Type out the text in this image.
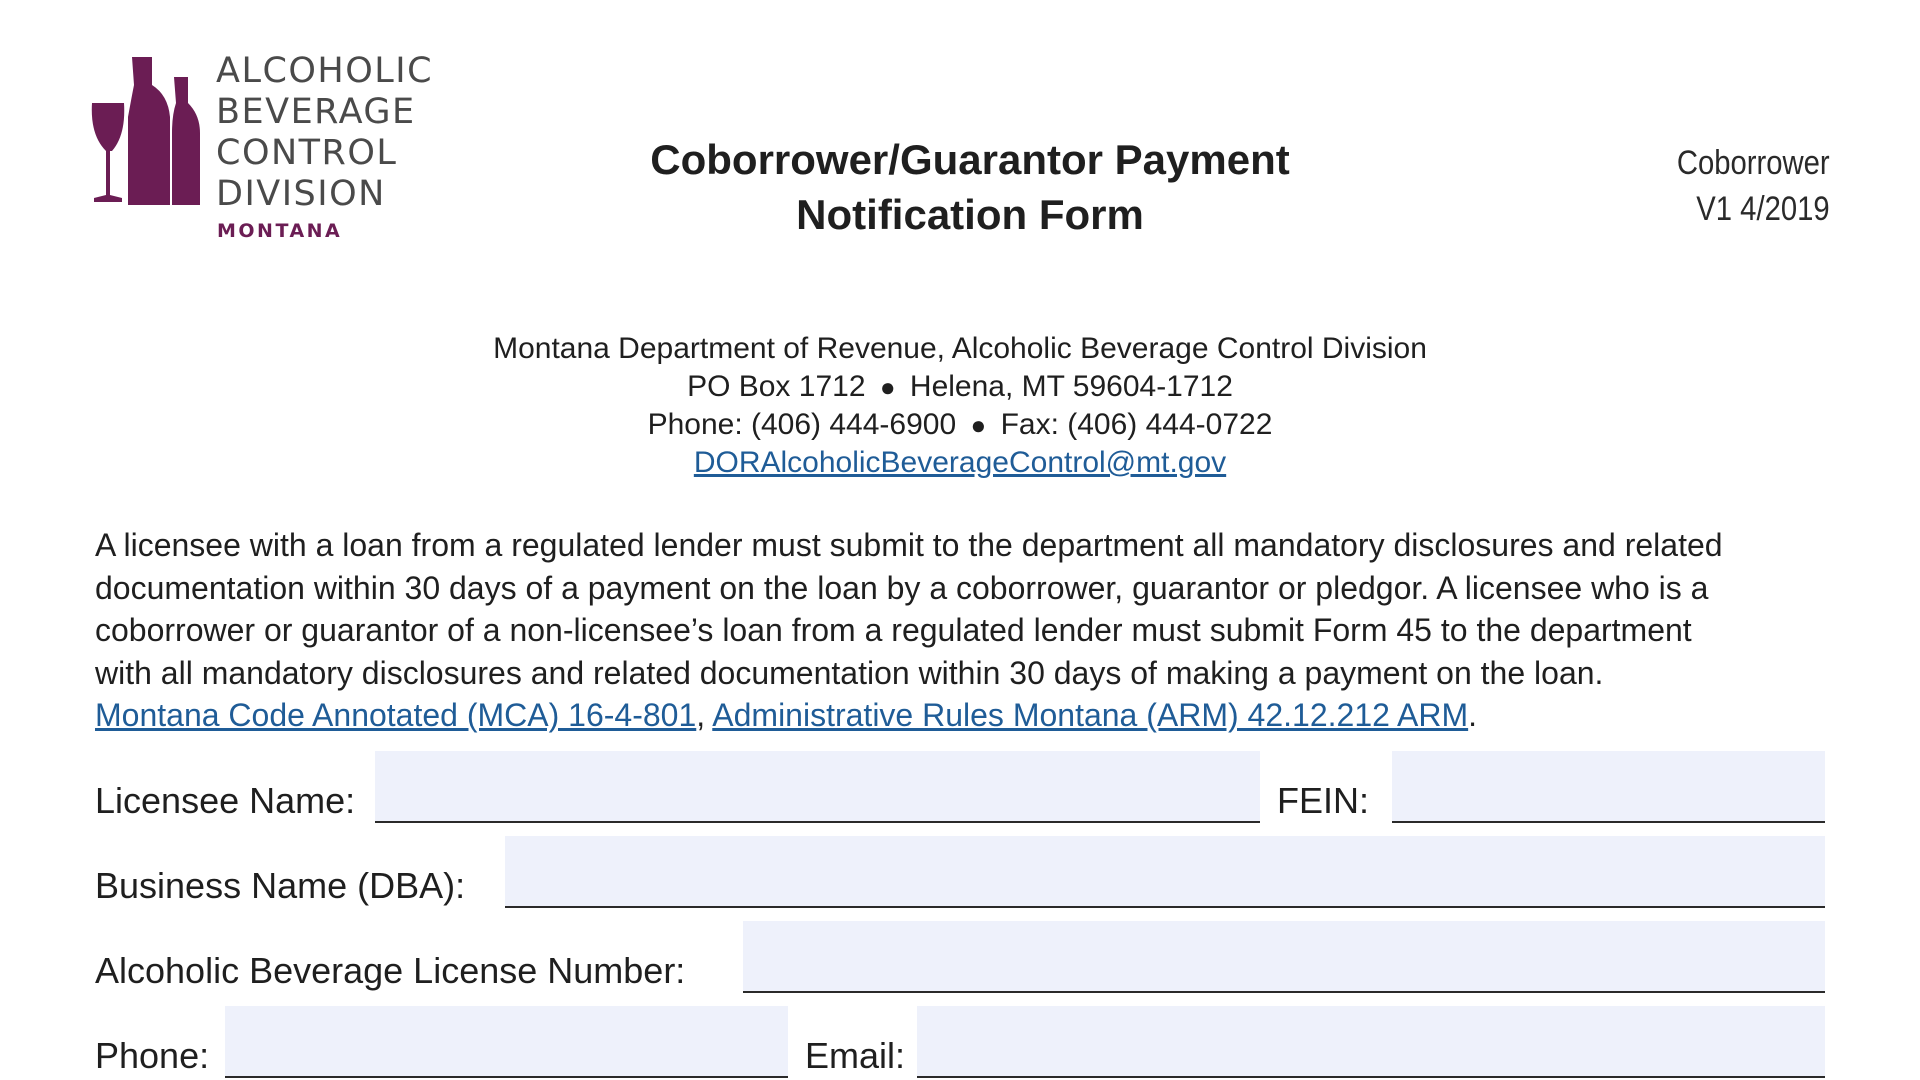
ALCOHOLIC
BEVERAGE
CONTROL
DIVISION
MONTANA
Coborrower/Guarantor Payment
Notification Form
Coborrower
V1 4/2019
Montana Department of Revenue, Alcoholic Beverage Control Division
PO Box 1712 ● Helena, MT 59604-1712
Phone: (406) 444-6900 ● Fax: (406) 444-0722
DORAlcoholicBeverageControl@mt.gov
A licensee with a loan from a regulated lender must submit to the department all mandatory disclosures and related
documentation within 30 days of a payment on the loan by a coborrower, guarantor or pledgor. A licensee who is a
coborrower or guarantor of a non-licensee’s loan from a regulated lender must submit Form 45 to the department
with all mandatory disclosures and related documentation within 30 days of making a payment on the loan.
Montana Code Annotated (MCA) 16-4-801, Administrative Rules Montana (ARM) 42.12.212 ARM.
Licensee Name:	FEIN:
Business Name (DBA):
Alcoholic Beverage License Number:
Phone:	Email:
